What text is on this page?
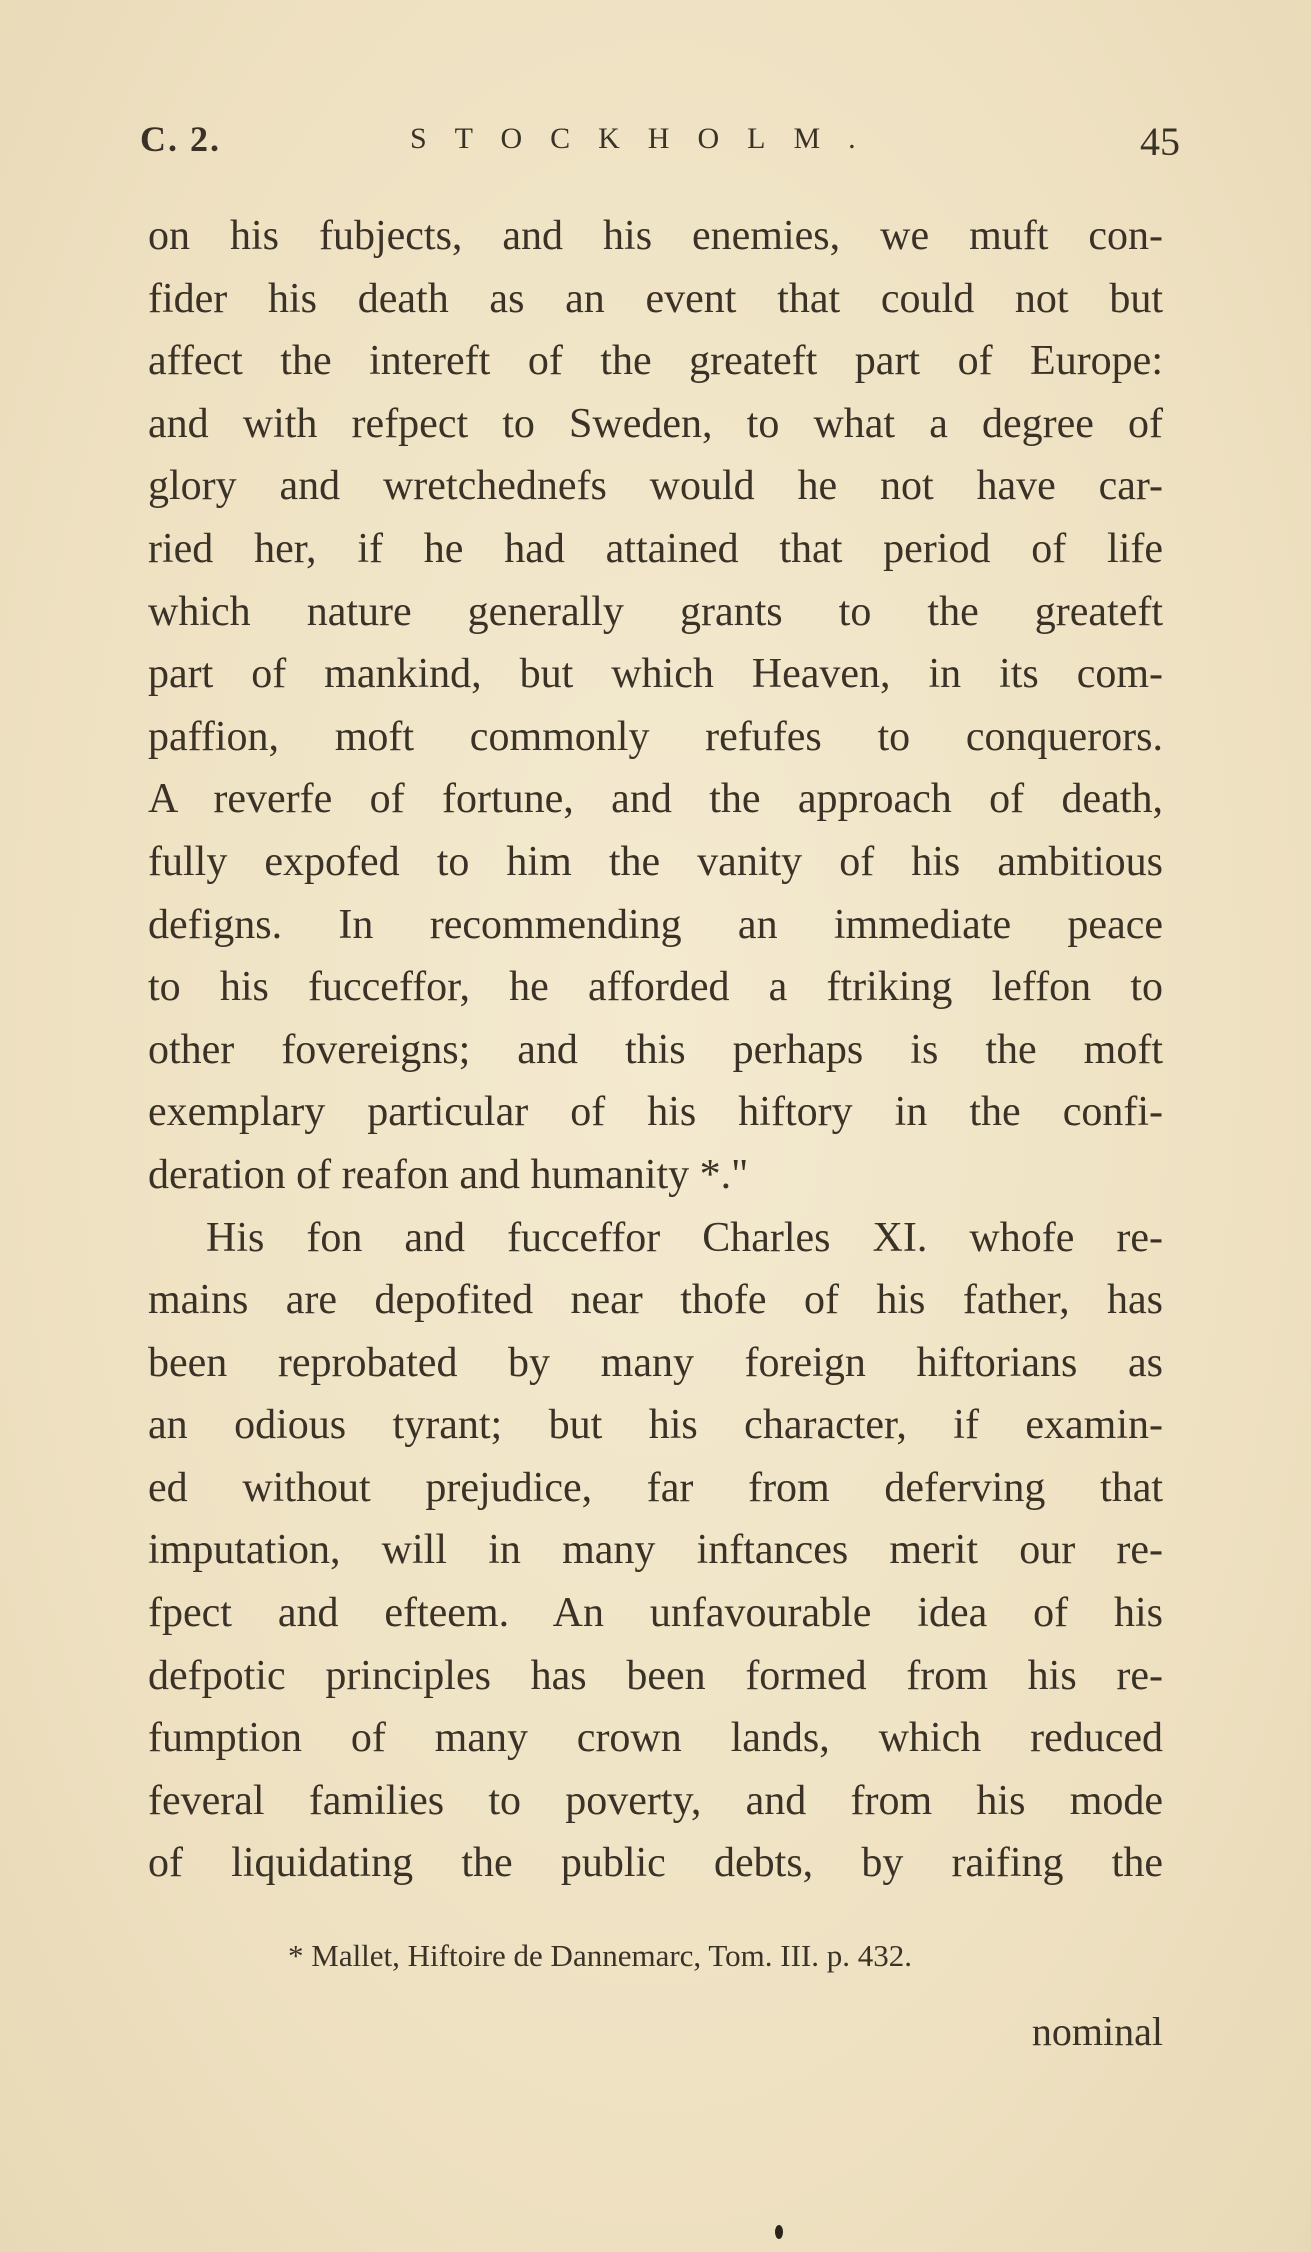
C. 2.	STOCKHOLM.	45
on his fubjects, and his enemies, we muft con-
fider his death as an event that could not but
affect the intereft of the greateft part of Europe:
and with refpect to Sweden, to what a degree of
glory and wretchednefs would he not have car-
ried her, if he had attained that period of life
which nature generally grants to the greateft
part of mankind, but which Heaven, in its com-
paffion, moft commonly refufes to conquerors.
A reverfe of fortune, and the approach of death,
fully expofed to him the vanity of his ambitious
defigns. In recommending an immediate peace
to his fucceffor, he afforded a ftriking leffon to
other fovereigns; and this perhaps is the moft
exemplary particular of his hiftory in the confi-
deration of reafon and humanity *."
His fon and fucceffor Charles XI. whofe re-
mains are depofited near thofe of his father, has
been reprobated by many foreign hiftorians as
an odious tyrant; but his character, if examin-
ed without prejudice, far from deferving that
imputation, will in many inftances merit our re-
fpect and efteem. An unfavourable idea of his
defpotic principles has been formed from his re-
fumption of many crown lands, which reduced
feveral families to poverty, and from his mode
of liquidating the public debts, by raifing the
* Mallet, Hiftoire de Dannemarc, Tom. III. p. 432.
nominal
